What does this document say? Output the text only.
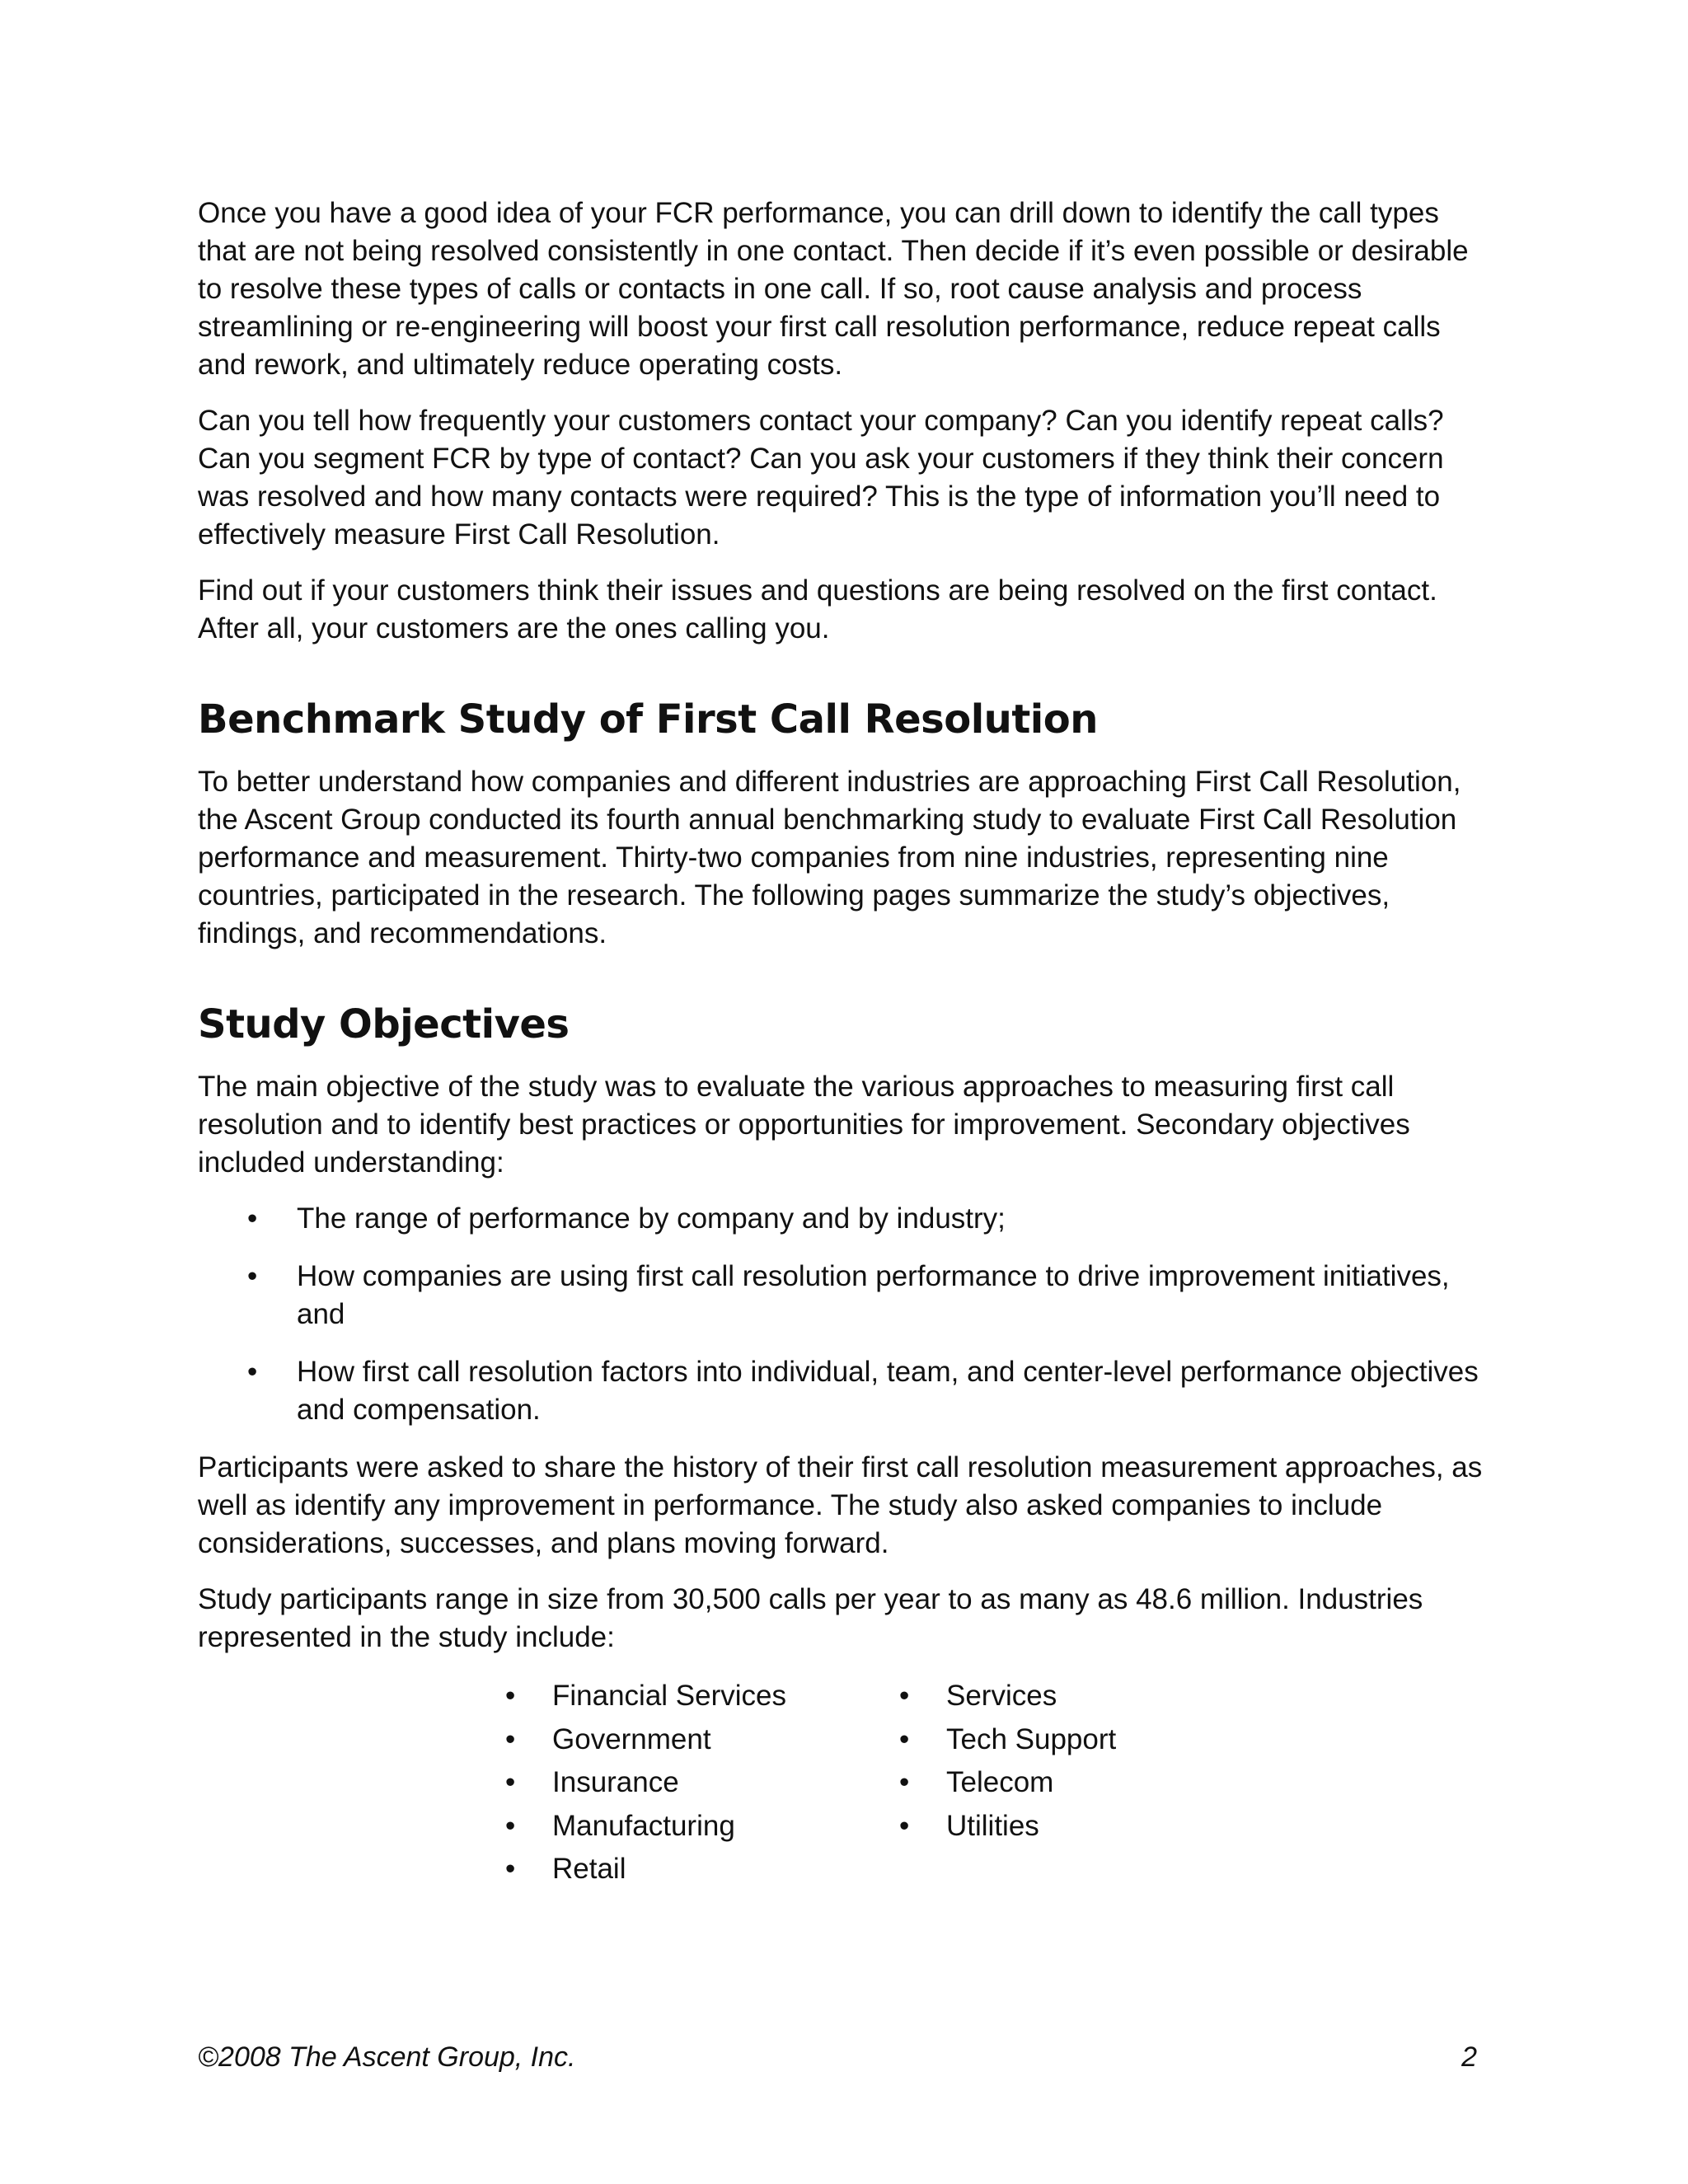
Once you have a good idea of your FCR performance, you can drill down to identify the call types that are not being resolved consistently in one contact. Then decide if it’s even possible or desirable to resolve these types of calls or contacts in one call. If so, root cause analysis and process streamlining or re-engineering will boost your first call resolution performance, reduce repeat calls and rework, and ultimately reduce operating costs.

Can you tell how frequently your customers contact your company? Can you identify repeat calls? Can you segment FCR by type of contact? Can you ask your customers if they think their concern was resolved and how many contacts were required? This is the type of information you’ll need to effectively measure First Call Resolution.

Find out if your customers think their issues and questions are being resolved on the first contact. After all, your customers are the ones calling you.

Benchmark Study of First Call Resolution

To better understand how companies and different industries are approaching First Call Resolution, the Ascent Group conducted its fourth annual benchmarking study to evaluate First Call Resolution performance and measurement. Thirty-two companies from nine industries, representing nine countries, participated in the research. The following pages summarize the study’s objectives, findings, and recommendations.

Study Objectives

The main objective of the study was to evaluate the various approaches to measuring first call resolution and to identify best practices or opportunities for improvement. Secondary objectives included understanding:

• The range of performance by company and by industry;
• How companies are using first call resolution performance to drive improvement initiatives, and
• How first call resolution factors into individual, team, and center-level performance objectives and compensation.

Participants were asked to share the history of their first call resolution measurement approaches, as well as identify any improvement in performance. The study also asked companies to include considerations, successes, and plans moving forward.

Study participants range in size from 30,500 calls per year to as many as 48.6 million. Industries represented in the study include:

• Financial Services
• Government
• Insurance
• Manufacturing
• Retail
• Services
• Tech Support
• Telecom
• Utilities
©2008 The Ascent Group, Inc.	2
